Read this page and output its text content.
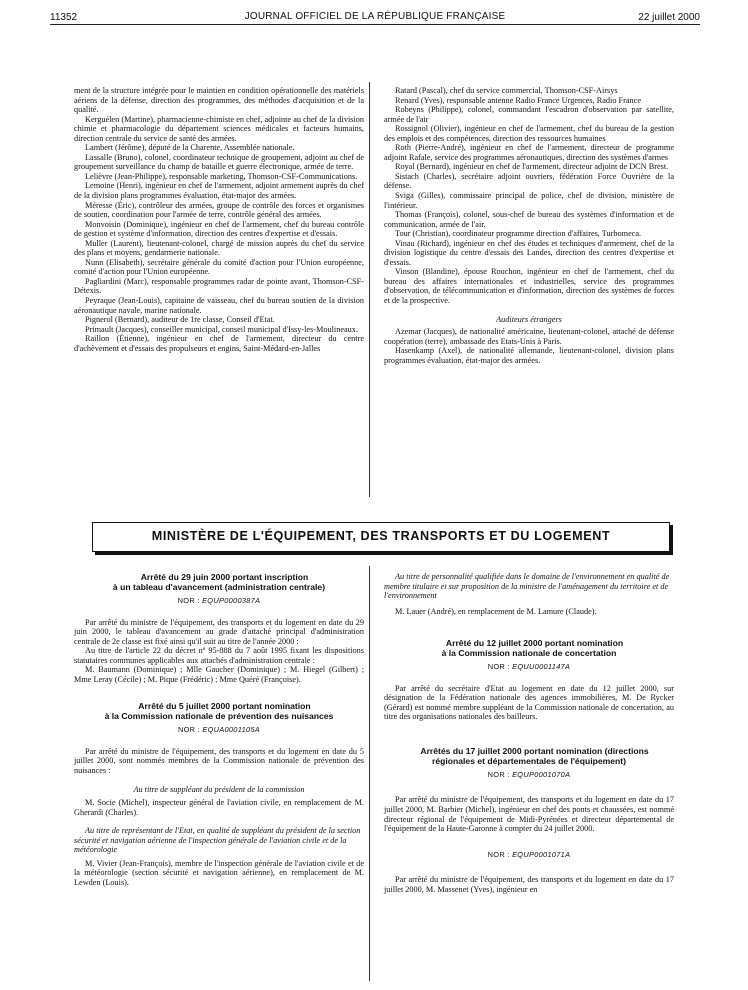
11352	JOURNAL OFFICIEL DE LA RÉPUBLIQUE FRANÇAISE	22 juillet 2000

ment de la structure intégrée pour le maintien en condition opérationnelle des matériels aériens de la défense, direction des programmes, des méthodes d'acquisition et de la qualité.

Kerguélen (Martine), pharmacienne-chimiste en chef, adjointe au chef de la division chimie et pharmacologie du département sciences médicales et facteurs humains, direction centrale du service de santé des armées.

Lambert (Jérôme), député de la Charente, Assemblée nationale.

Lassalle (Bruno), colonel, coordinateur technique de groupement, adjoint au chef de groupement surveillance du champ de bataille et guerre électronique, armée de terre.

Lelièvre (Jean-Philippe), responsable marketing, Thomson-CSF-Communications.

Lemoine (Henri), ingénieur en chef de l'armement, adjoint armement auprès du chef de la division plans programmes évaluation, état-major des armées.

Méresse (Éric), contrôleur des armées, groupe de contrôle des forces et organismes de soutien, coordination pour l'armée de terre, contrôle général des armées.

Monvoisin (Dominique), ingénieur en chef de l'armement, chef du bureau contrôle de gestion et système d'information, direction des centres d'expertise et d'essais.

Muller (Laurent), lieutenant-colonel, chargé de mission auprès du chef du service des plans et moyens, gendarmerie nationale.

Nunn (Elisabeth), secrétaire générale du comité d'action pour l'Union européenne, comité d'action pour l'Union européenne.

Pagliardini (Marc), responsable programmes radar de pointe avant, Thomson-CSF-Détexis.

Peyraque (Jean-Louis), capitaine de vaisseau, chef du bureau soutien de la division aéronautique navale, marine nationale.

Pignerol (Bernard), auditeur de 1re classe, Conseil d'Etat.

Primault (Jacques), conseiller municipal, conseil municipal d'Issy-les-Moulineaux.

Raillon (Étienne), ingénieur en chef de l'armement, directeur du centre d'achèvement et d'essais des propulseurs et engins, Saint-Médard-en-Jalles

Ratard (Pascal), chef du service commercial, Thomson-CSF-Airsys

Renard (Yves), responsable antenne Radio France Urgences, Radio France

Robeyns (Philippe), colonel, commandant l'escadron d'observation par satellite, armée de l'air

Rossignol (Olivier), ingénieur en chef de l'armement, chef du bureau de la gestion des emplois et des compétences, direction des ressources humaines

Roth (Pierre-André), ingénieur en chef de l'armement, directeur de programme adjoint Rafale, service des programmes aéronautiques, direction des systèmes d'armes

Royal (Bernard), ingénieur en chef de l'armement, directeur adjoint de DCN Brest.

Sistach (Charles), secrétaire adjoint ouvriers, fédération Force Ouvrière de la défense.

Sviga (Gilles), commissaire principal de police, chef de division, ministère de l'intérieur.

Thomas (François), colonel, sous-chef de bureau des systèmes d'information et de communication, armée de l'air.

Tour (Christian), coordinateur programme direction d'affaires, Turbomeca.

Vinau (Richard), ingénieur en chef des études et techniques d'armement, chef de la division logistique du centre d'essais des Landes, direction des centres d'expertise et d'essais.

Vinson (Blandine), épouse Rouchon, ingénieur en chef de l'armement, chef du bureau des affaires internationales et industrielles, service des programmes d'observation, de télécommunication et d'information, direction des systèmes de forces et de la prospective.

Auditeurs étrangers

Azemar (Jacques), de nationalité américaine, lieutenant-colonel, attaché de défense coopération (terre), ambassade des Etats-Unis à Paris.

Hasenkamp (Axel), de nationalité allemande, lieutenant-colonel, division plans programmes évaluation, état-major des armées.

MINISTÈRE DE L'ÉQUIPEMENT, DES TRANSPORTS ET DU LOGEMENT

Arrêté du 29 juin 2000 portant inscription
à un tableau d'avancement (administration centrale)

NOR : EQUP0000387A

Par arrêté du ministre de l'équipement, des transports et du logement en date du 29 juin 2000, le tableau d'avancement au grade d'attaché principal d'administration centrale de 2e classe est fixé ainsi qu'il suit au titre de l'année 2000 :

Au titre de l'article 22 du décret nº 95-888 du 7 août 1995 fixant les dispositions statutaires communes applicables aux attachés d'administration centrale :

M. Baumann (Dominique) ; Mlle Gaucher (Dominique) ; M. Hiegel (Gilbert) ; Mme Leray (Cécile) ; M. Pique (Frédéric) ; Mme Quéré (Françoise).

Arrêté du 5 juillet 2000 portant nomination
à la Commission nationale de prévention des nuisances

NOR : EQUA0001105A

Par arrêté du ministre de l'équipement, des transports et du logement en date du 5 juillet 2000, sont nommés membres de la Commission nationale de prévention des nuisances :

Au titre de suppléant du président de la commission

M. Socie (Michel), inspecteur général de l'aviation civile, en remplacement de M. Gherardi (Charles).

Au titre de représentant de l'Etat, en qualité de suppléant du président de la section sécurité et navigation aérienne de l'inspection générale de l'aviation civile et de la météorologie

M. Vivier (Jean-François), membre de l'inspection générale de l'aviation civile et de la météorologie (section sécurité et navigation aérienne), en remplacement de M. Lewden (Louis).

Au titre de personnalité qualifiée dans le domaine de l'environnement en qualité de membre titulaire et sur proposition de la ministre de l'aménagement du territoire et de l'environnement

M. Lauer (André), en remplacement de M. Lamure (Claude).

Arrêté du 12 juillet 2000 portant nomination
à la Commission nationale de concertation

NOR : EQUU0001147A

Par arrêté du secrétaire d'Etat au logement en date du 12 juillet 2000, sur désignation de la Fédération nationale des agences immobilières, M. De Rycker (Gérard) est nommé membre suppléant de la Commission nationale de concertation, au titre des organisations nationales des bailleurs.

Arrêtés du 17 juillet 2000 portant nomination (directions
régionales et départementales de l'équipement)

NOR : EQUP0001070A

Par arrêté du ministre de l'équipement, des transports et du logement en date du 17 juillet 2000, M. Barbier (Michel), ingénieur en chef des ponts et chaussées, est nommé directeur régional de l'équipement de Midi-Pyrénées et directeur départemental de l'équipement de la Haute-Garonne à compter du 24 juillet 2000.

NOR : EQUP0001071A

Par arrêté du ministre de l'équipement, des transports et du logement en date du 17 juillet 2000, M. Massenet (Yves), ingénieur en
